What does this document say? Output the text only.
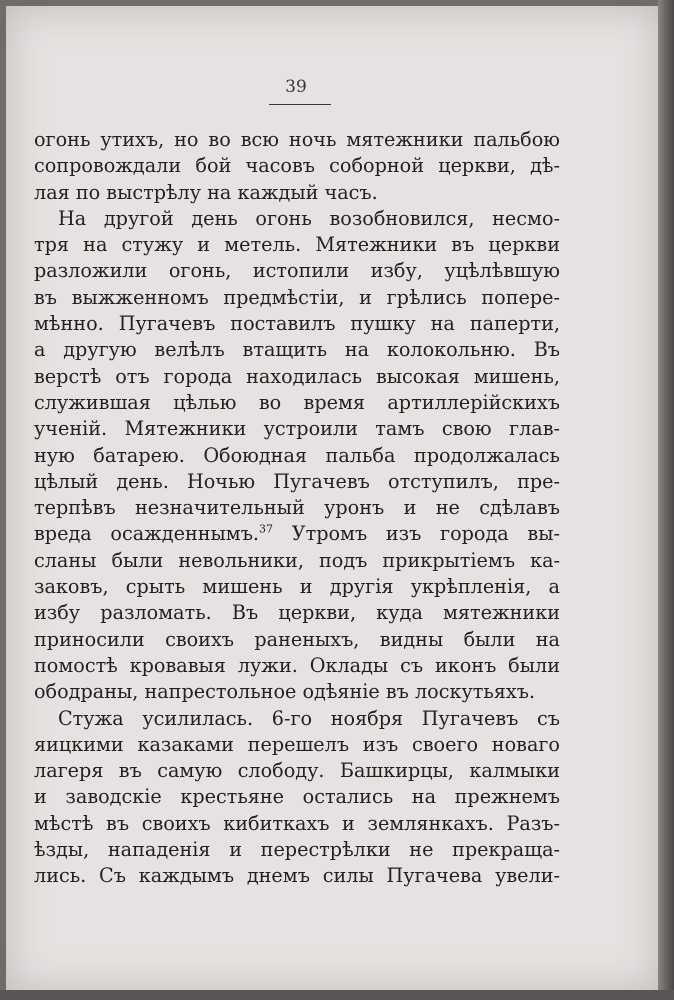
39
огонь утихъ, но во всю ночь мятежники пальбою
сопровождали бой часовъ соборной церкви, дѣ-
лая по выстрѣлу на каждый часъ.
На другой день огонь возобновился, несмо-
тря на стужу и метель. Мятежники въ церкви
разложили огонь, истопили избу, уцѣлѣвшую
въ выжженномъ предмѣстіи, и грѣлись попере-
мѣнно. Пугачевъ поставилъ пушку на паперти,
а другую велѣлъ втащить на колокольню. Въ
верстѣ отъ города находилась высокая мишень,
служившая цѣлью во время артиллерійскихъ
ученій. Мятежники устроили тамъ свою глав-
ную батарею. Обоюдная пальба продолжалась
цѣлый день. Ночью Пугачевъ отступилъ, пре-
терпѣвъ незначительный уронъ и не сдѣлавъ
вреда осажденнымъ.$^{37}$ Утромъ изъ города вы-
сланы были невольники, подъ прикрытіемъ ка-
заковъ, срыть мишень и другія укрѣпленія, а
избу разломать. Въ церкви, куда мятежники
приносили своихъ раненыхъ, видны были на
помостѣ кровавыя лужи. Оклады съ иконъ были
ободраны, напрестольное одѣяніе въ лоскутьяхъ.
Стужа усилилась. 6-го ноября Пугачевъ съ
яицкими казаками перешелъ изъ своего новаго
лагеря въ самую слободу. Башкирцы, калмыки
и заводскіе крестьяне остались на прежнемъ
мѣстѣ въ своихъ кибиткахъ и землянкахъ. Разъ-
ѣзды, нападенія и перестрѣлки не прекраща-
лись. Съ каждымъ днемъ силы Пугачева увели-
